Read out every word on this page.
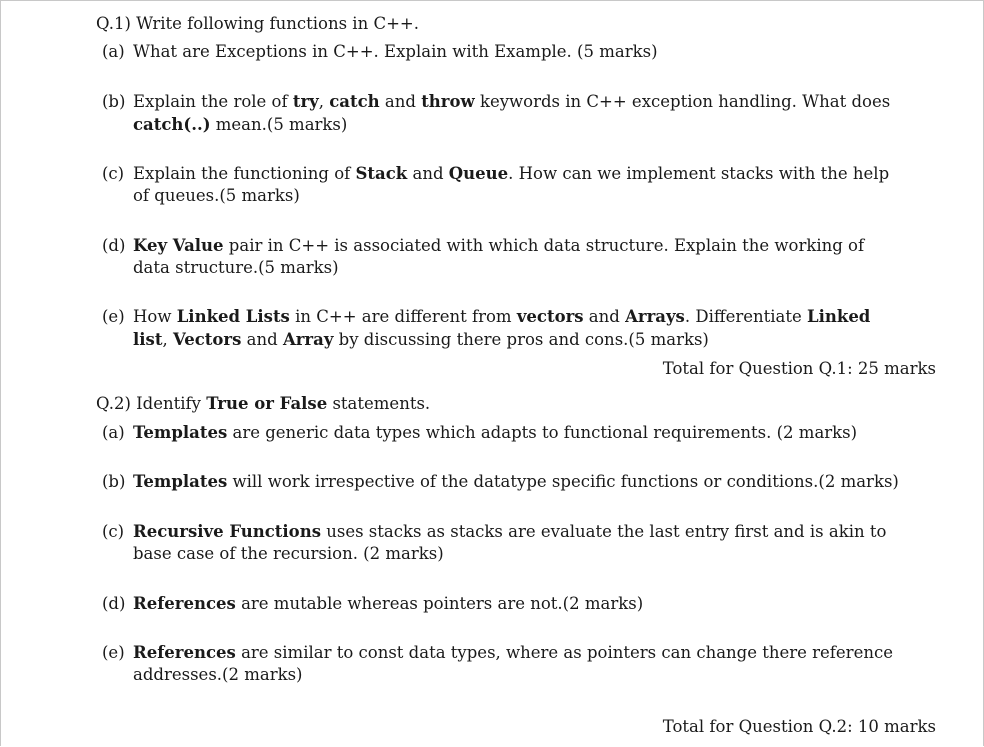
Q.1) Write following functions in C++.
(a) What are Exceptions in C++. Explain with Example. (5 marks)
(b) Explain the role of try, catch and throw keywords in C++ exception handling. What does
catch(..) mean.(5 marks)
(c) Explain the functioning of Stack and Queue. How can we implement stacks with the help
of queues.(5 marks)
(d) Key Value pair in C++ is associated with which data structure. Explain the working of
data structure.(5 marks)
(e) How Linked Lists in C++ are different from vectors and Arrays. Differentiate Linked
list, Vectors and Array by discussing there pros and cons.(5 marks)
Total for Question Q.1: 25 marks
Q.2) Identify True or False statements.
(a) Templates are generic data types which adapts to functional requirements. (2 marks)
(b) Templates will work irrespective of the datatype specific functions or conditions.(2 marks)
(c) Recursive Functions uses stacks as stacks are evaluate the last entry first and is akin to
base case of the recursion. (2 marks)
(d) References are mutable whereas pointers are not.(2 marks)
(e) References are similar to const data types, where as pointers can change there reference
addresses.(2 marks)
Total for Question Q.2: 10 marks
